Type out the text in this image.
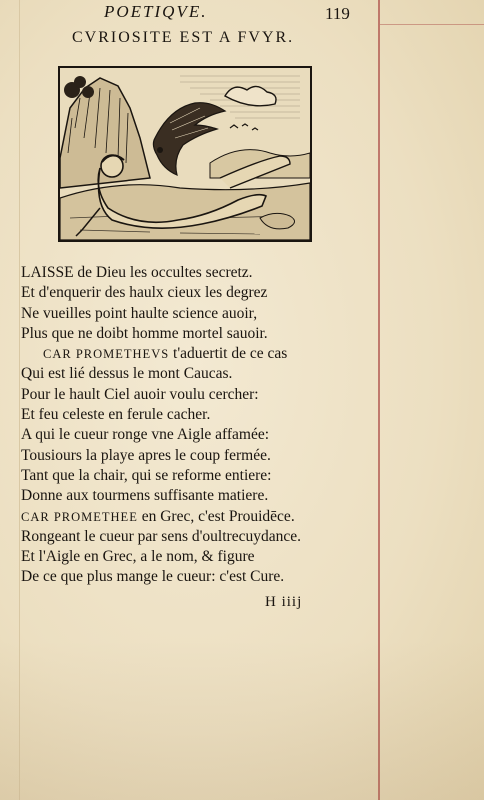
POETIQVE.	119
CVRIOSITE EST A FVYR.

LAISSE de Dieu les occultes secretz.
Et d'enquerir des haulx cieux les degrez
Ne vueilles point haulte science auoir,
Plus que ne doibt homme mortel sauoir.
CAR PROMETHEVS t'aduertit de ce cas
Qui est lié dessus le mont Caucas.
Pour le hault Ciel auoir voulu cercher:
Et feu celeste en ferule cacher.
A qui le cueur ronge vne Aigle affamée:
Tousiours la playe apres le coup fermée.
Tant que la chair, qui se reforme entiere:
Donne aux tourmens suffisante matiere.
CAR PROMETHEE en Grec, c'est Prouidēce.
Rongeant le cueur par sens d'oultrecuydance.
Et l'Aigle en Grec, a le nom, & figure
De ce que plus mange le cueur: c'est Cure.
H iiij
